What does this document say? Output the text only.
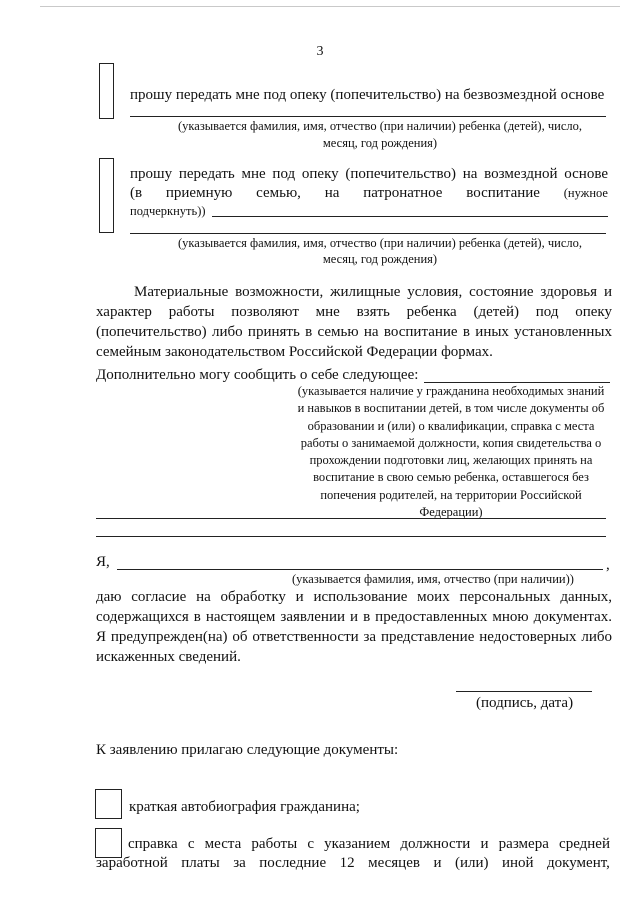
3
прошу передать мне под опеку (попечительство) на безвозмездной основе
(указывается фамилия, имя, отчество (при наличии) ребенка (детей), число,
месяц, год рождения)
прошу передать мне под опеку (попечительство) на возмездной основе
(в приемную семью, на патронатное воспитание (нужное
подчеркнуть))
(указывается фамилия, имя, отчество (при наличии) ребенка (детей), число,
месяц, год рождения)
Материальные возможности, жилищные условия, состояние здоровья и
характер работы позволяют мне взять ребенка (детей) под опеку
(попечительство) либо принять в семью на воспитание в иных установленных
семейным законодательством Российской Федерации формах.
Дополнительно могу сообщить о себе следующее:
(указывается наличие у гражданина необходимых знаний
и навыков в воспитании детей, в том числе документы об
образовании и (или) о квалификации, справка с места
работы о занимаемой должности, копия свидетельства о
прохождении подготовки лиц, желающих принять на
воспитание в свою семью ребенка, оставшегося без
попечения родителей, на территории Российской
Федерации)
Я,	,
(указывается фамилия, имя, отчество (при наличии))
даю согласие на обработку и использование моих персональных данных,
содержащихся в настоящем заявлении и в предоставленных мною документах.
Я предупрежден(на) об ответственности за представление недостоверных либо
искаженных сведений.
(подпись, дата)
К заявлению прилагаю следующие документы:
краткая автобиография гражданина;
справка с места работы с указанием должности и размера средней
заработной платы за последние 12 месяцев и (или) иной документ,
